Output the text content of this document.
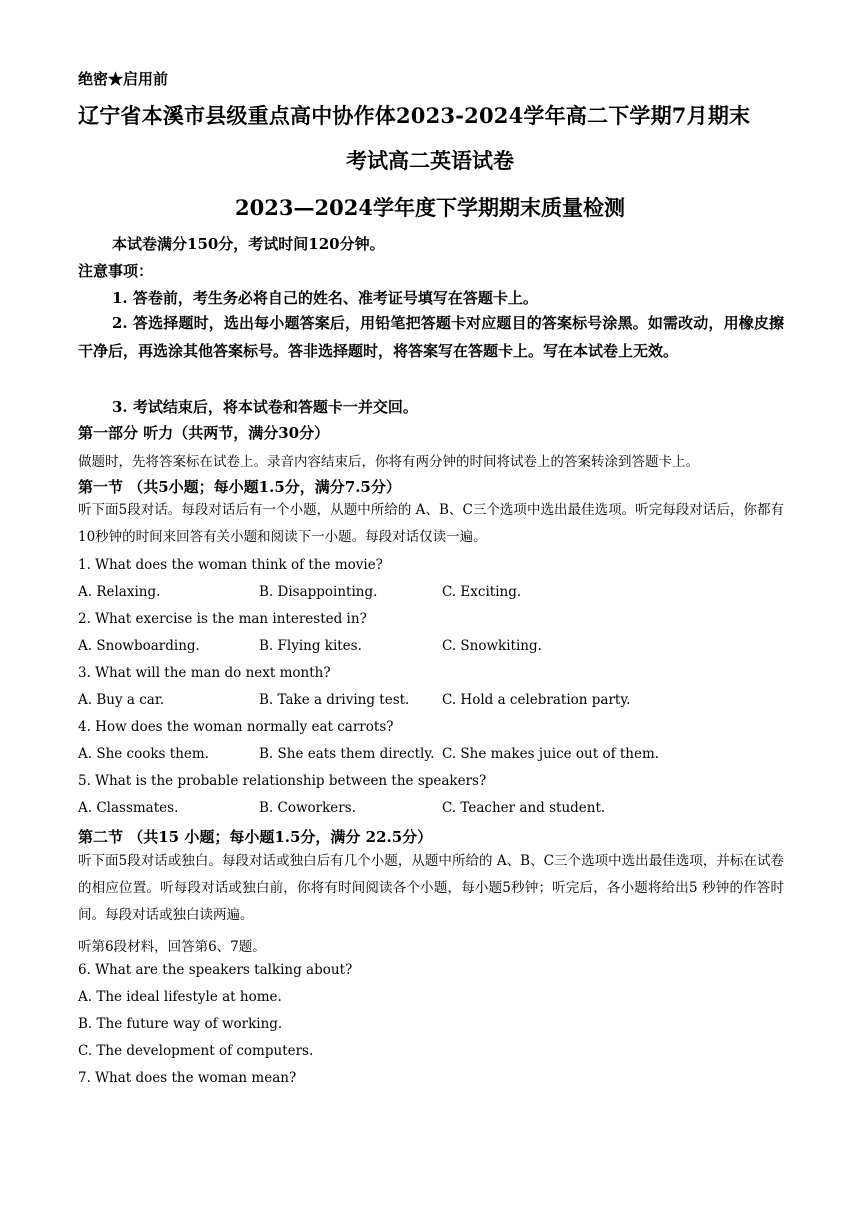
绝密★启用前
辽宁省本溪市县级重点高中协作体2023-2024学年高二下学期7月期末
考试高二英语试卷
2023—2024学年度下学期期末质量检测
本试卷满分150分，考试时间120分钟。
注意事项：
1. 答卷前，考生务必将自己的姓名、准考证号填写在答题卡上。
2. 答选择题时，选出每小题答案后，用铅笔把答题卡对应题目的答案标号涂黑。如需改动，用橡皮擦干净后，再选涂其他答案标号。答非选择题时，将答案写在答题卡上。写在本试卷上无效。
3. 考试结束后，将本试卷和答题卡一并交回。
第一部分 听力（共两节，满分30分）
做题时，先将答案标在试卷上。录音内容结束后，你将有两分钟的时间将试卷上的答案转涂到答题卡上。
第一节 （共5小题；每小题1.5分，满分7.5分）
听下面5段对话。每段对话后有一个小题，从题中所给的 A、B、C三个选项中选出最佳选项。听完每段对话后，你都有10秒钟的时间来回答有关小题和阅读下一小题。每段对话仅读一遍。
1. What does the woman think of the movie?
A. Relaxing.	B. Disappointing.	C. Exciting.
2. What exercise is the man interested in?
A. Snowboarding.	B. Flying kites.	C. Snowkiting.
3. What will the man do next month?
A. Buy a car.	B. Take a driving test. C. Hold a celebration party.
4. How does the woman normally eat carrots?
A. She cooks them.	B. She eats them directly. C. She makes juice out of them.
5. What is the probable relationship between the speakers?
A. Classmates.	B. Coworkers.	C. Teacher and student.
第二节 （共15 小题；每小题1.5分，满分 22.5分）
听下面5段对话或独白。每段对话或独白后有几个小题，从题中所给的 A、B、C三个选项中选出最佳选项，并标在试卷的相应位置。听每段对话或独白前，你将有时间阅读各个小题，每小题5秒钟；听完后，各小题将给出5 秒钟的作答时间。每段对话或独白读两遍。
听第6段材料，回答第6、7题。
6. What are the speakers talking about?
A. The ideal lifestyle at home.
B. The future way of working.
C. The development of computers.
7. What does the woman mean?
